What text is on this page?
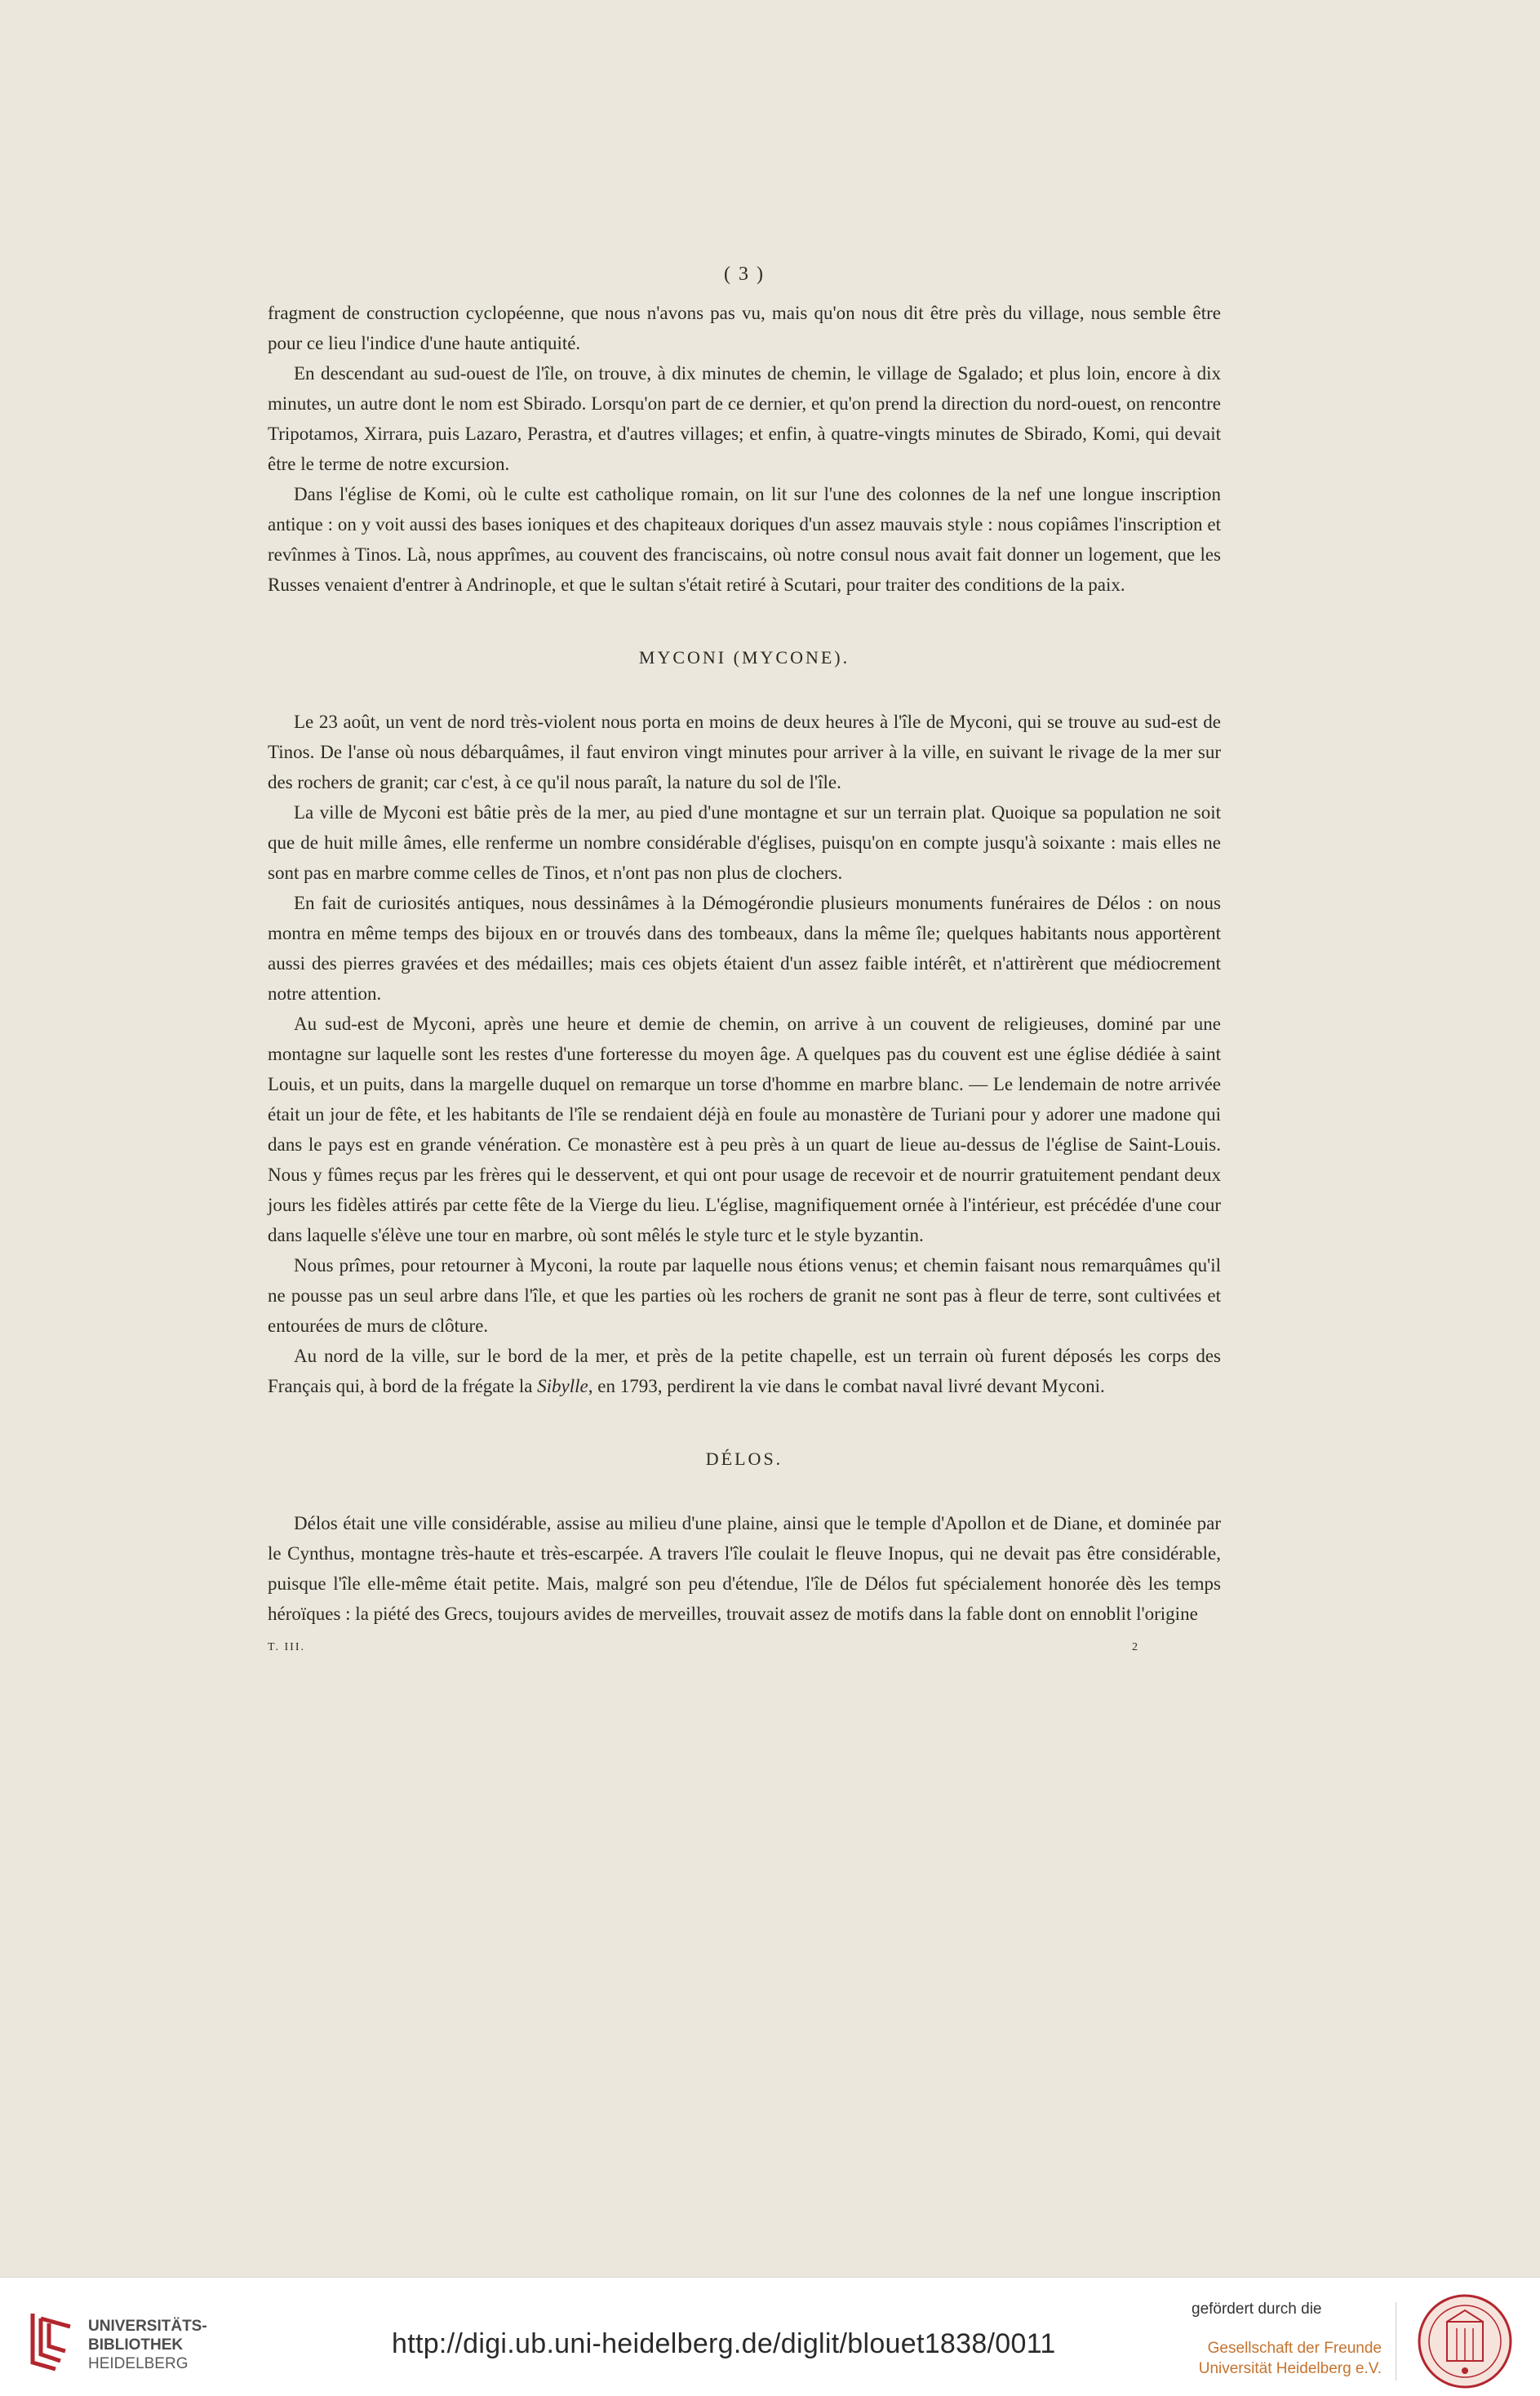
( 3 )

fragment de construction cyclopéenne, que nous n'avons pas vu, mais qu'on nous dit être près du village, nous semble être pour ce lieu l'indice d'une haute antiquité.

En descendant au sud-ouest de l'île, on trouve, à dix minutes de chemin, le village de Sgalado; et plus loin, encore à dix minutes, un autre dont le nom est Sbirado. Lorsqu'on part de ce dernier, et qu'on prend la direction du nord-ouest, on rencontre Tripotamos, Xirrara, puis Lazaro, Perastra, et d'autres villages; et enfin, à quatre-vingts minutes de Sbirado, Komi, qui devait être le terme de notre excursion.

Dans l'église de Komi, où le culte est catholique romain, on lit sur l'une des colonnes de la nef une longue inscription antique : on y voit aussi des bases ioniques et des chapiteaux doriques d'un assez mauvais style : nous copiâmes l'inscription et revînmes à Tinos. Là, nous apprîmes, au couvent des franciscains, où notre consul nous avait fait donner un logement, que les Russes venaient d'entrer à Andrinople, et que le sultan s'était retiré à Scutari, pour traiter des conditions de la paix.

MYCONI (MYCONE).

Le 23 août, un vent de nord très-violent nous porta en moins de deux heures à l'île de Myconi, qui se trouve au sud-est de Tinos. De l'anse où nous débarquâmes, il faut environ vingt minutes pour arriver à la ville, en suivant le rivage de la mer sur des rochers de granit; car c'est, à ce qu'il nous paraît, la nature du sol de l'île.

La ville de Myconi est bâtie près de la mer, au pied d'une montagne et sur un terrain plat. Quoique sa population ne soit que de huit mille âmes, elle renferme un nombre considérable d'églises, puisqu'on en compte jusqu'à soixante : mais elles ne sont pas en marbre comme celles de Tinos, et n'ont pas non plus de clochers.

En fait de curiosités antiques, nous dessinâmes à la Démogérondie plusieurs monuments funéraires de Délos : on nous montra en même temps des bijoux en or trouvés dans des tombeaux, dans la même île; quelques habitants nous apportèrent aussi des pierres gravées et des médailles; mais ces objets étaient d'un assez faible intérêt, et n'attirèrent que médiocrement notre attention.

Au sud-est de Myconi, après une heure et demie de chemin, on arrive à un couvent de religieuses, dominé par une montagne sur laquelle sont les restes d'une forteresse du moyen âge. A quelques pas du couvent est une église dédiée à saint Louis, et un puits, dans la margelle duquel on remarque un torse d'homme en marbre blanc. — Le lendemain de notre arrivée était un jour de fête, et les habitants de l'île se rendaient déjà en foule au monastère de Turiani pour y adorer une madone qui dans le pays est en grande vénération. Ce monastère est à peu près à un quart de lieue au-dessus de l'église de Saint-Louis. Nous y fûmes reçus par les frères qui le desservent, et qui ont pour usage de recevoir et de nourrir gratuitement pendant deux jours les fidèles attirés par cette fête de la Vierge du lieu. L'église, magnifiquement ornée à l'intérieur, est précédée d'une cour dans laquelle s'élève une tour en marbre, où sont mêlés le style turc et le style byzantin.

Nous prîmes, pour retourner à Myconi, la route par laquelle nous étions venus; et chemin faisant nous remarquâmes qu'il ne pousse pas un seul arbre dans l'île, et que les parties où les rochers de granit ne sont pas à fleur de terre, sont cultivées et entourées de murs de clôture.

Au nord de la ville, sur le bord de la mer, et près de la petite chapelle, est un terrain où furent déposés les corps des Français qui, à bord de la frégate la Sibylle, en 1793, perdirent la vie dans le combat naval livré devant Myconi.

DÉLOS.

Délos était une ville considérable, assise au milieu d'une plaine, ainsi que le temple d'Apollon et de Diane, et dominée par le Cynthus, montagne très-haute et très-escarpée. A travers l'île coulait le fleuve Inopus, qui ne devait pas être considérable, puisque l'île elle-même était petite. Mais, malgré son peu d'étendue, l'île de Délos fut spécialement honorée dès les temps héroïques : la piété des Grecs, toujours avides de merveilles, trouvait assez de motifs dans la fable dont on ennoblit l'origine

T. III.	2
UNIVERSITÄTS-
BIBLIOTHEK
HEIDELBERG
http://digi.ub.uni-heidelberg.de/diglit/blouet1838/0011
gefördert durch die
Gesellschaft der Freunde
Universität Heidelberg e.V.
